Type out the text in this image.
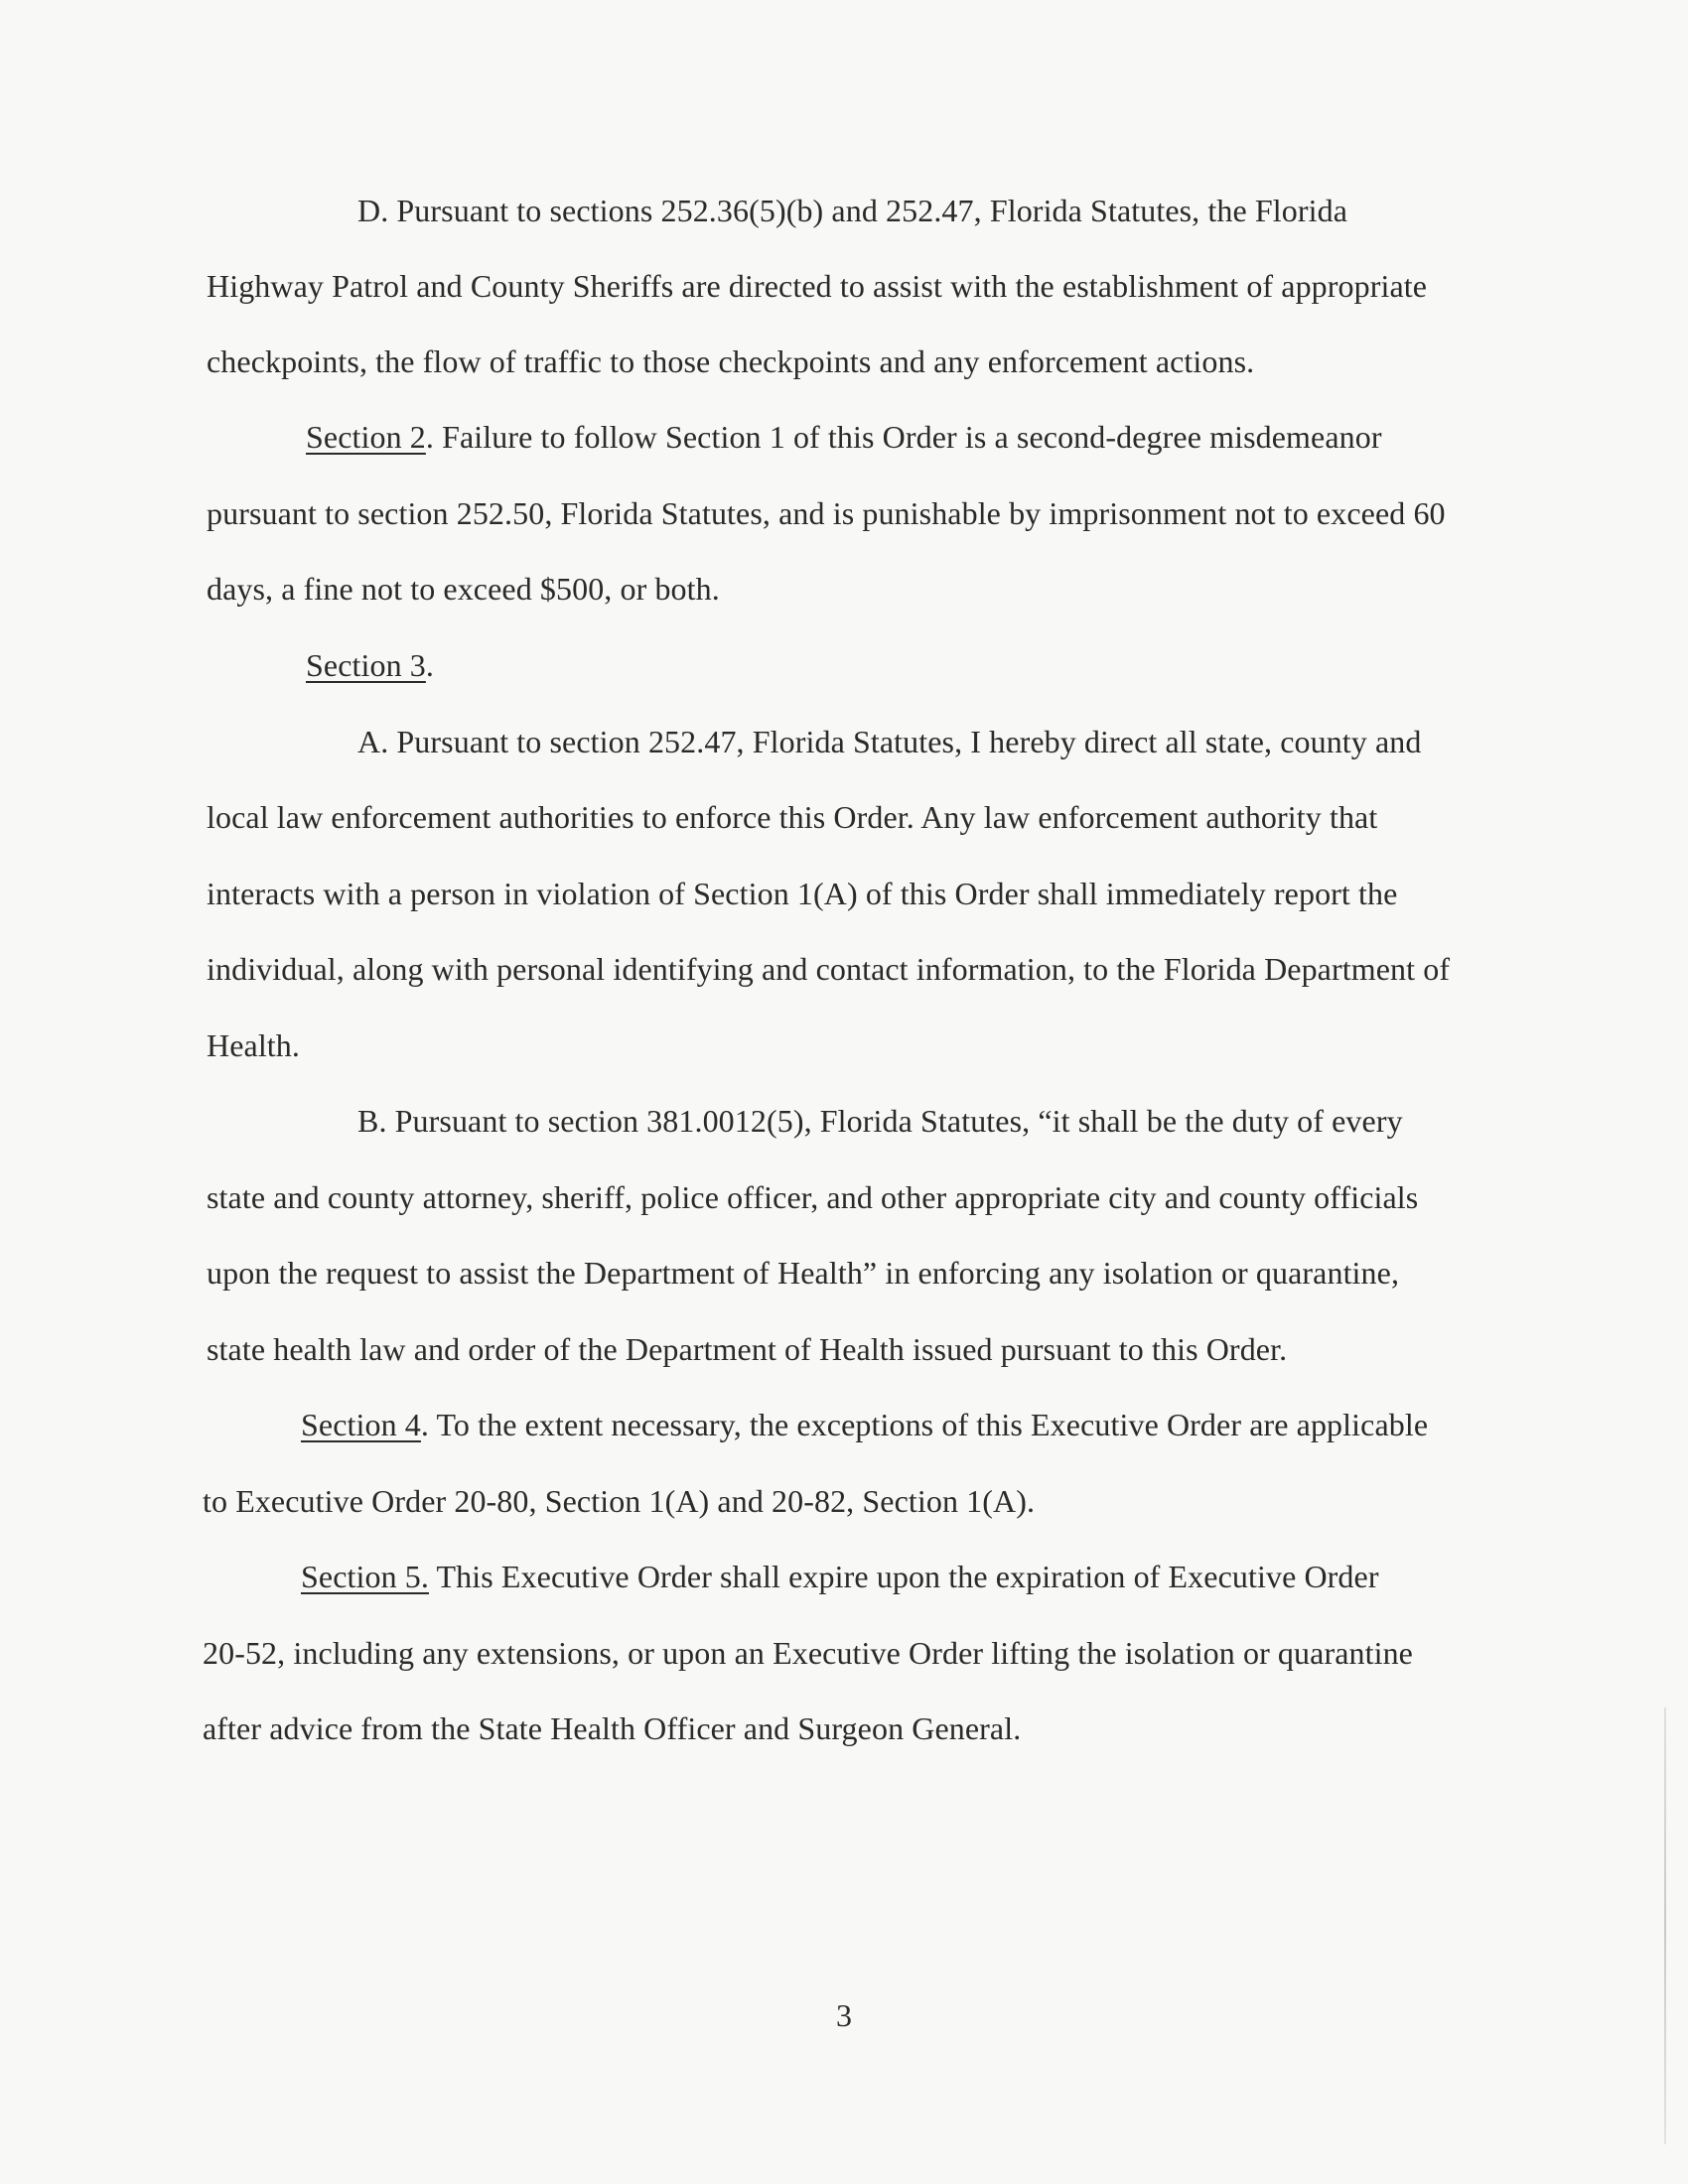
D. Pursuant to sections 252.36(5)(b) and 252.47, Florida Statutes, the Florida
Highway Patrol and County Sheriffs are directed to assist with the establishment of appropriate
checkpoints, the flow of traffic to those checkpoints and any enforcement actions.
Section 2. Failure to follow Section 1 of this Order is a second-degree misdemeanor
pursuant to section 252.50, Florida Statutes, and is punishable by imprisonment not to exceed 60
days, a fine not to exceed $500, or both.
Section 3.
A. Pursuant to section 252.47, Florida Statutes, I hereby direct all state, county and
local law enforcement authorities to enforce this Order. Any law enforcement authority that
interacts with a person in violation of Section 1(A) of this Order shall immediately report the
individual, along with personal identifying and contact information, to the Florida Department of
Health.
B. Pursuant to section 381.0012(5), Florida Statutes, “it shall be the duty of every
state and county attorney, sheriff, police officer, and other appropriate city and county officials
upon the request to assist the Department of Health” in enforcing any isolation or quarantine,
state health law and order of the Department of Health issued pursuant to this Order.
Section 4. To the extent necessary, the exceptions of this Executive Order are applicable
to Executive Order 20-80, Section 1(A) and 20-82, Section 1(A).
Section 5. This Executive Order shall expire upon the expiration of Executive Order
20-52, including any extensions, or upon an Executive Order lifting the isolation or quarantine
after advice from the State Health Officer and Surgeon General.
3
